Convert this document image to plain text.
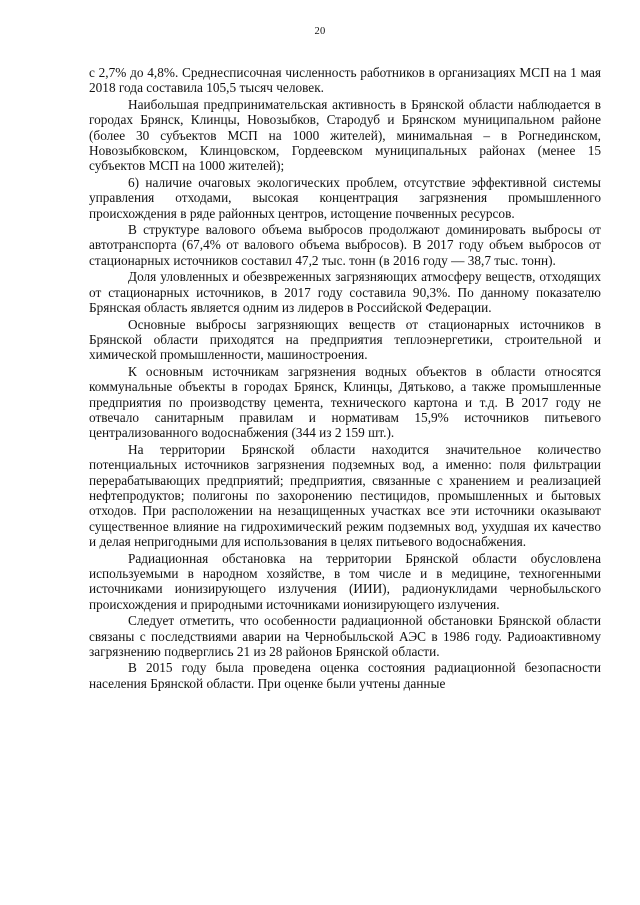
20

с 2,7% до 4,8%. Среднесписочная численность работников в организациях МСП на 1 мая 2018 года составила 105,5 тысяч человек.

Наибольшая предпринимательская активность в Брянской области наблюдается в городах Брянск, Клинцы, Новозыбков, Стародуб и Брянском муниципальном районе (более 30 субъектов МСП на 1000 жителей), минимальная – в Рогнединском, Новозыбковском, Клинцовском, Гордеевском муниципальных районах (менее 15 субъектов МСП на 1000 жителей);

6) наличие очаговых экологических проблем, отсутствие эффективной системы управления отходами, высокая концентрация загрязнения промышленного происхождения в ряде районных центров, истощение почвенных ресурсов.

В структуре валового объема выбросов продолжают доминировать выбросы от автотранспорта (67,4% от валового объема выбросов). В 2017 году объем выбросов от стационарных источников составил 47,2 тыс. тонн (в 2016 году — 38,7 тыс. тонн).

Доля уловленных и обезвреженных загрязняющих атмосферу веществ, отходящих от стационарных источников, в 2017 году составила 90,3%. По данному показателю Брянская область является одним из лидеров в Российской Федерации.

Основные выбросы загрязняющих веществ от стационарных источников в Брянской области приходятся на предприятия теплоэнергетики, строительной и химической промышленности, машиностроения.

К основным источникам загрязнения водных объектов в области относятся коммунальные объекты в городах Брянск, Клинцы, Дятьково, а также промышленные предприятия по производству цемента, технического картона и т.д. В 2017 году не отвечало санитарным правилам и нормативам 15,9% источников питьевого централизованного водоснабжения (344 из 2 159 шт.).

На территории Брянской области находится значительное количество потенциальных источников загрязнения подземных вод, а именно: поля фильтрации перерабатывающих предприятий; предприятия, связанные с хранением и реализацией нефтепродуктов; полигоны по захоронению пестицидов, промышленных и бытовых отходов. При расположении на незащищенных участках все эти источники оказывают существенное влияние на гидрохимический режим подземных вод, ухудшая их качество и делая непригодными для использования в целях питьевого водоснабжения.

Радиационная обстановка на территории Брянской области обусловлена используемыми в народном хозяйстве, в том числе и в медицине, техногенными источниками ионизирующего излучения (ИИИ), радионуклидами чернобыльского происхождения и природными источниками ионизирующего излучения.

Следует отметить, что особенности радиационной обстановки Брянской области связаны с последствиями аварии на Чернобыльской АЭС в 1986 году. Радиоактивному загрязнению подверглись 21 из 28 районов Брянской области.

В 2015 году была проведена оценка состояния радиационной безопасности населения Брянской области. При оценке были учтены данные
